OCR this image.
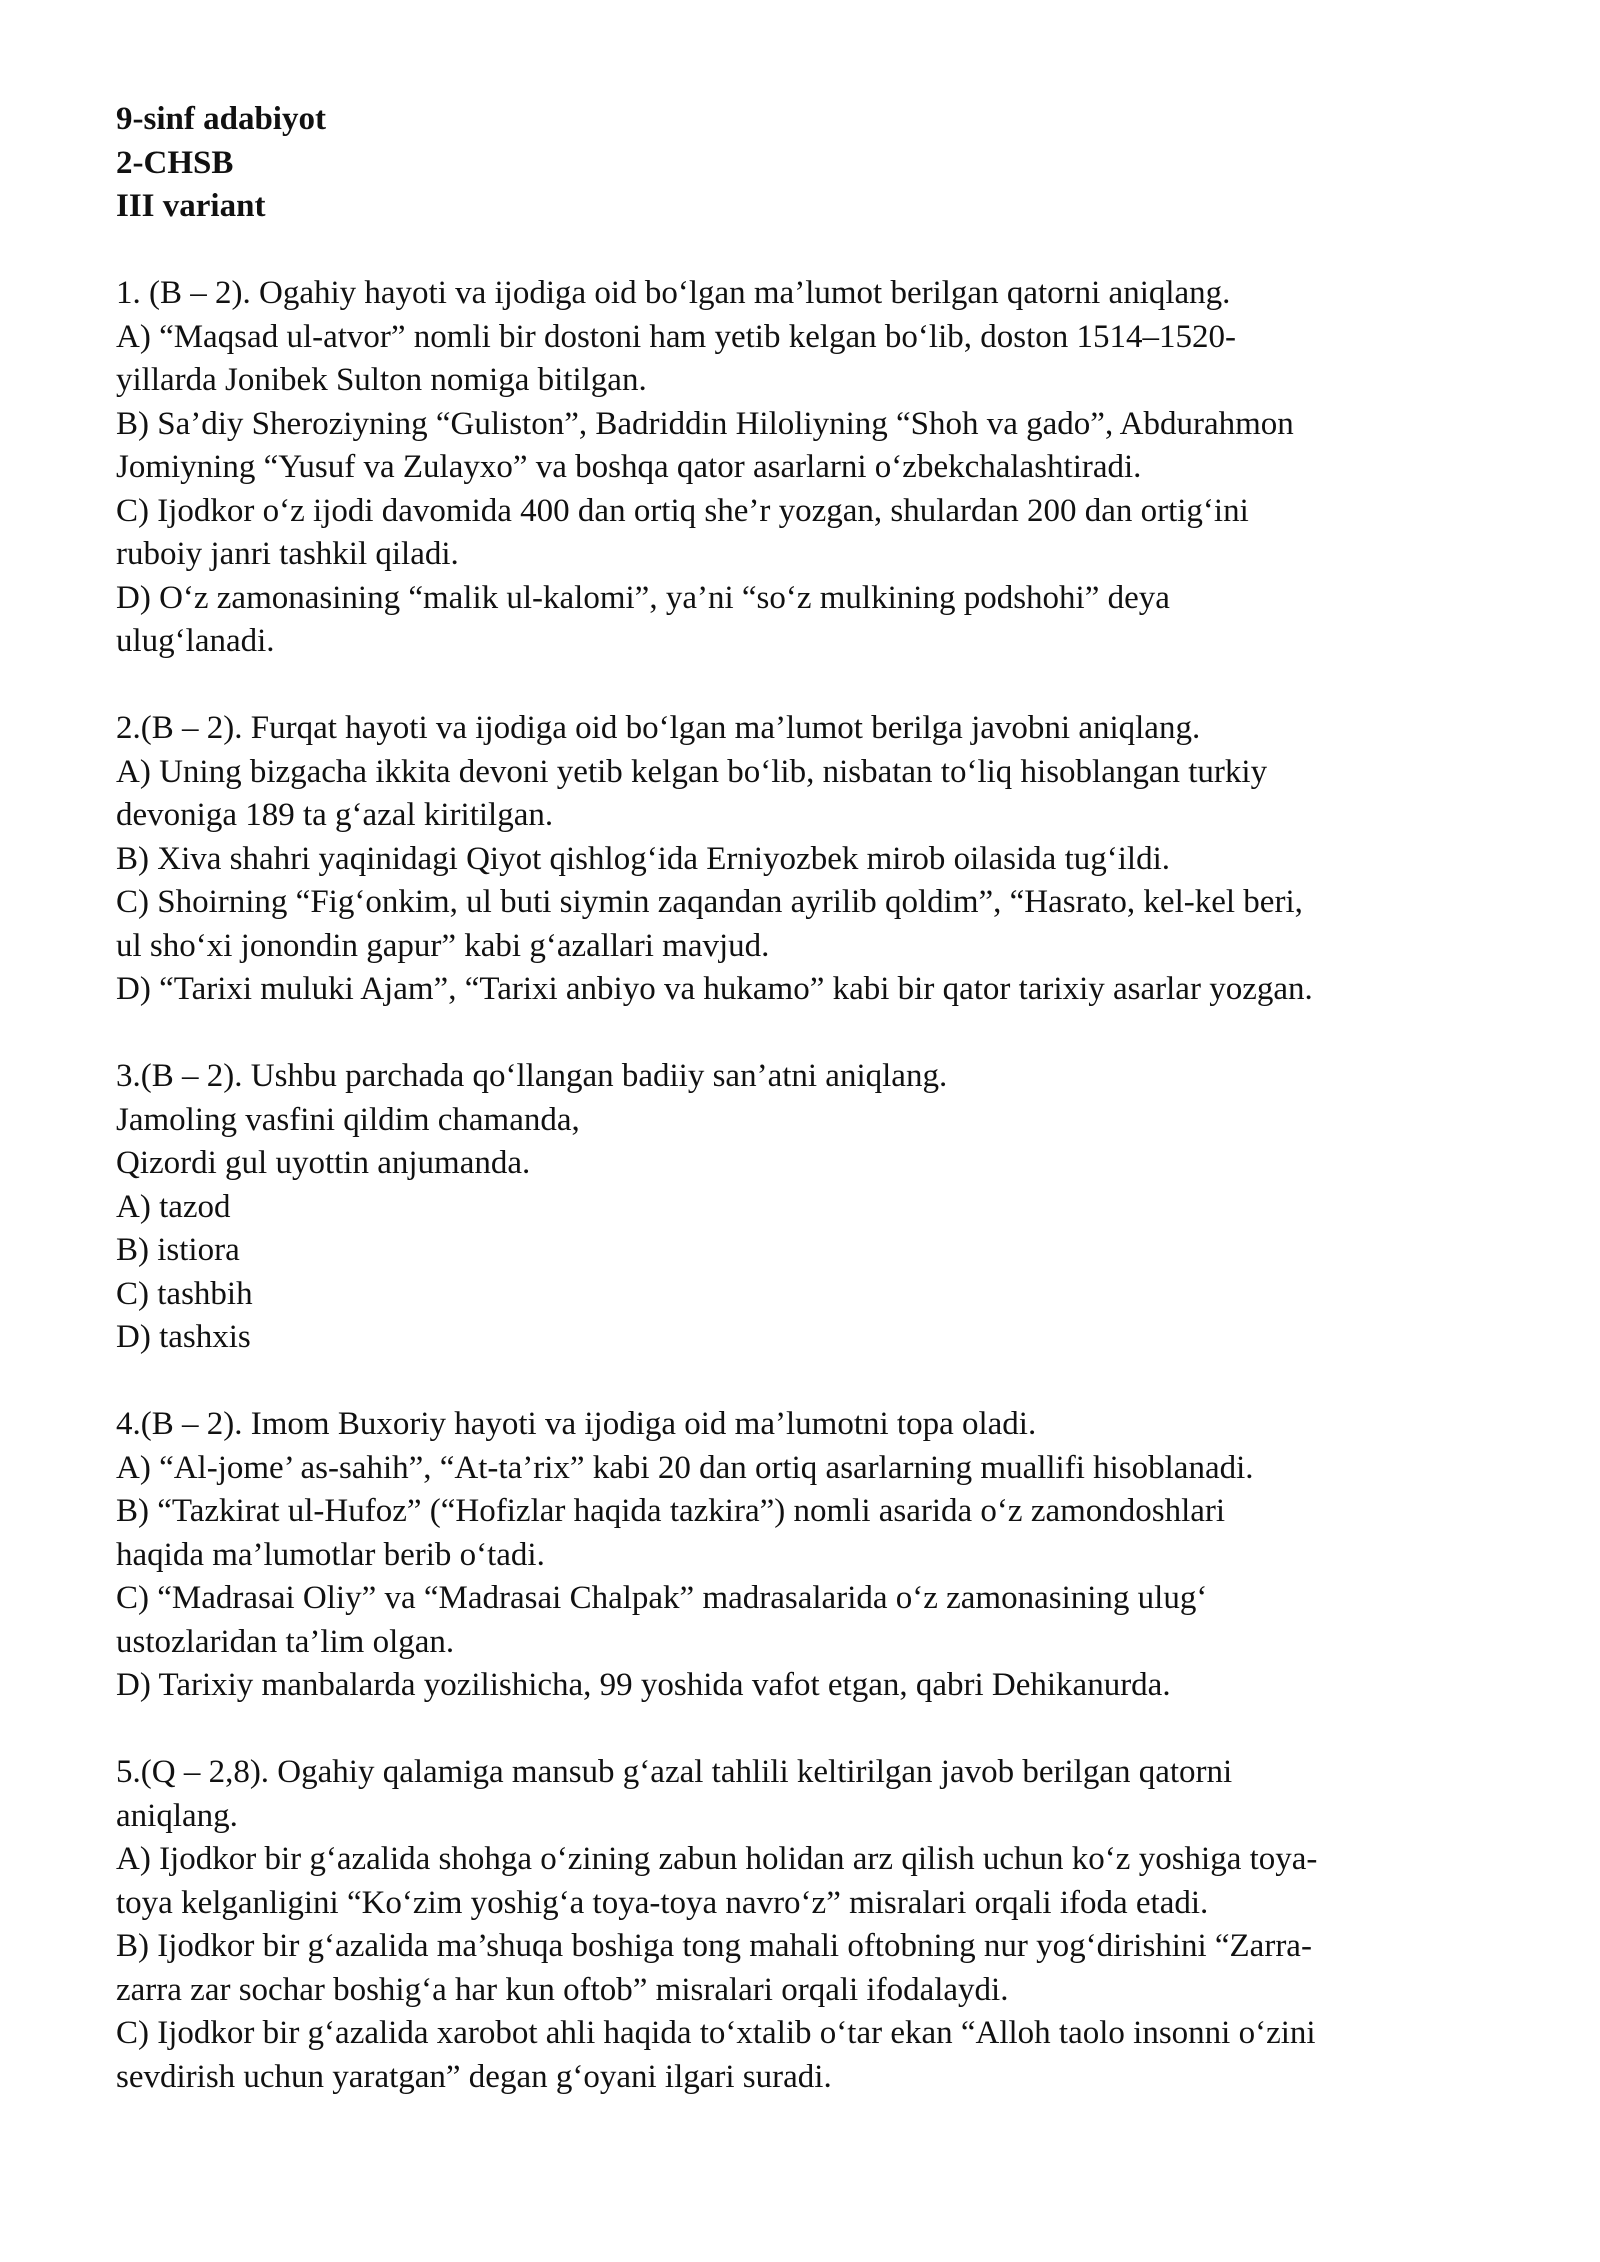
9-sinf adabiyot

2-CHSB

III variant

1. (B – 2). Ogahiy hayoti va ijodiga oid bo‘lgan ma’lumot berilgan qatorni aniqlang.

A) “Maqsad ul-atvor” nomli bir dostoni ham yetib kelgan bo‘lib, doston 1514–1520-

yillarda Jonibek Sulton nomiga bitilgan.

B) Sa’diy Sheroziyning “Guliston”, Badriddin Hiloliyning “Shoh va gado”, Abdurahmon

Jomiyning “Yusuf va Zulayxo” va boshqa qator asarlarni o‘zbekchalashtiradi.

C) Ijodkor o‘z ijodi davomida 400 dan ortiq she’r yozgan, shulardan 200 dan ortig‘ini

ruboiy janri tashkil qiladi.

D) O‘z zamonasining “malik ul-kalomi”, ya’ni “so‘z mulkining podshohi” deya

ulug‘lanadi.

2.(B – 2). Furqat hayoti va ijodiga oid bo‘lgan ma’lumot berilga javobni aniqlang.

A) Uning bizgacha ikkita devoni yetib kelgan bo‘lib, nisbatan to‘liq hisoblangan turkiy

devoniga 189 ta g‘azal kiritilgan.

B) Xiva shahri yaqinidagi Qiyot qishlog‘ida Erniyozbek mirob oilasida tug‘ildi.

C) Shoirning “Fig‘onkim, ul buti siymin zaqandan ayrilib qoldim”, “Hasrato, kel-kel beri,

ul sho‘xi jonondin gapur” kabi g‘azallari mavjud.

D) “Tarixi muluki Ajam”, “Tarixi anbiyo va hukamo” kabi bir qator tarixiy asarlar yozgan.

3.(B – 2). Ushbu parchada qo‘llangan badiiy san’atni aniqlang.

Jamoling vasfini qildim chamanda,

Qizordi gul uyottin anjumanda.

A) tazod

B) istiora

C) tashbih

D) tashxis

4.(B – 2). Imom Buxoriy hayoti va ijodiga oid ma’lumotni topa oladi.

A) “Al-jome’ as-sahih”, “At-ta’rix” kabi 20 dan ortiq asarlarning muallifi hisoblanadi.

B) “Tazkirat ul-Hufoz” (“Hofizlar haqida tazkira”) nomli asarida o‘z zamondoshlari

haqida ma’lumotlar berib o‘tadi.

C) “Madrasai Oliy” va “Madrasai Chalpak” madrasalarida o‘z zamonasining ulug‘

ustozlaridan ta’lim olgan.

D) Tarixiy manbalarda yozilishicha, 99 yoshida vafot etgan, qabri Dehikanurda.

5.(Q – 2,8). Ogahiy qalamiga mansub g‘azal tahlili keltirilgan javob berilgan qatorni

aniqlang.

A) Ijodkor bir g‘azalida shohga o‘zining zabun holidan arz qilish uchun ko‘z yoshiga toya-

toya kelganligini “Ko‘zim yoshig‘a toya-toya navro‘z” misralari orqali ifoda etadi.

B) Ijodkor bir g‘azalida ma’shuqa boshiga tong mahali oftobning nur yog‘dirishini “Zarra-

zarra zar sochar boshig‘a har kun oftob” misralari orqali ifodalaydi.

C) Ijodkor bir g‘azalida xarobot ahli haqida to‘xtalib o‘tar ekan “Alloh taolo insonni o‘zini

sevdirish uchun yaratgan” degan g‘oyani ilgari suradi.
